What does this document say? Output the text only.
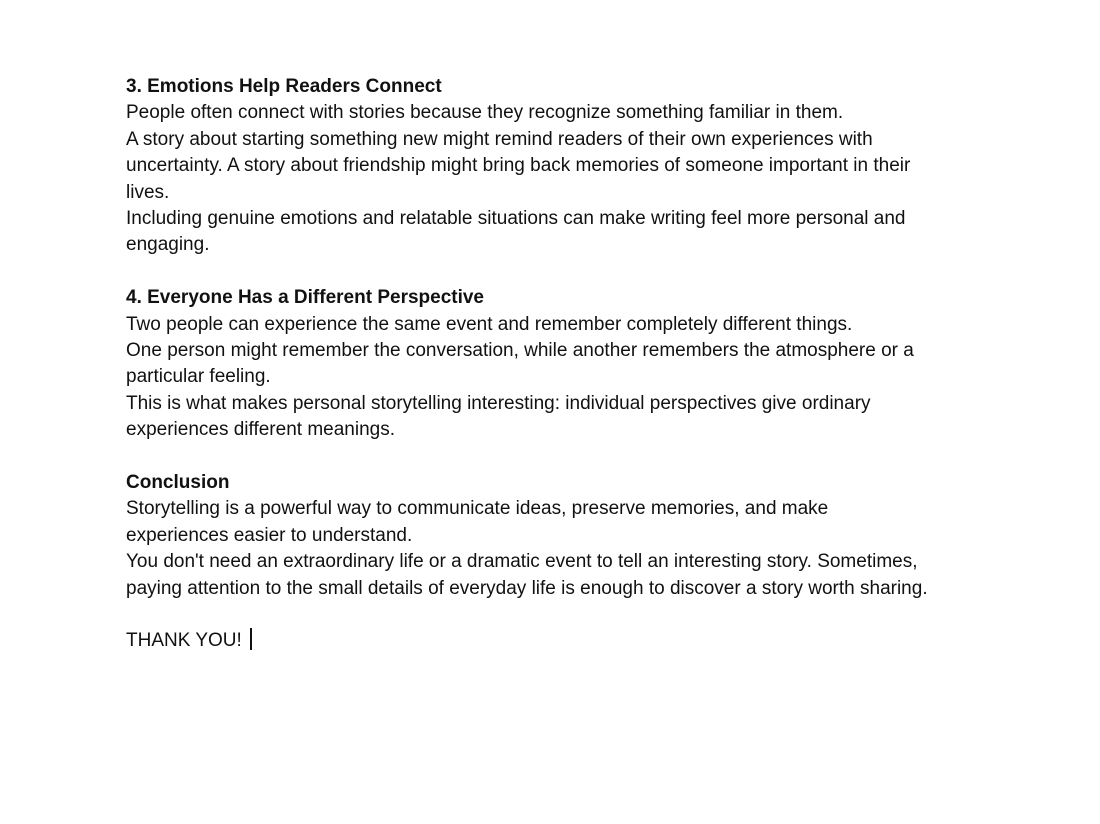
3. Emotions Help Readers Connect
People often connect with stories because they recognize something familiar in them.
A story about starting something new might remind readers of their own experiences with
uncertainty. A story about friendship might bring back memories of someone important in their
lives.
Including genuine emotions and relatable situations can make writing feel more personal and
engaging.
4. Everyone Has a Different Perspective
Two people can experience the same event and remember completely different things.
One person might remember the conversation, while another remembers the atmosphere or a
particular feeling.
This is what makes personal storytelling interesting: individual perspectives give ordinary
experiences different meanings.
Conclusion
Storytelling is a powerful way to communicate ideas, preserve memories, and make
experiences easier to understand.
You don't need an extraordinary life or a dramatic event to tell an interesting story. Sometimes,
paying attention to the small details of everyday life is enough to discover a story worth sharing.
THANK YOU!
